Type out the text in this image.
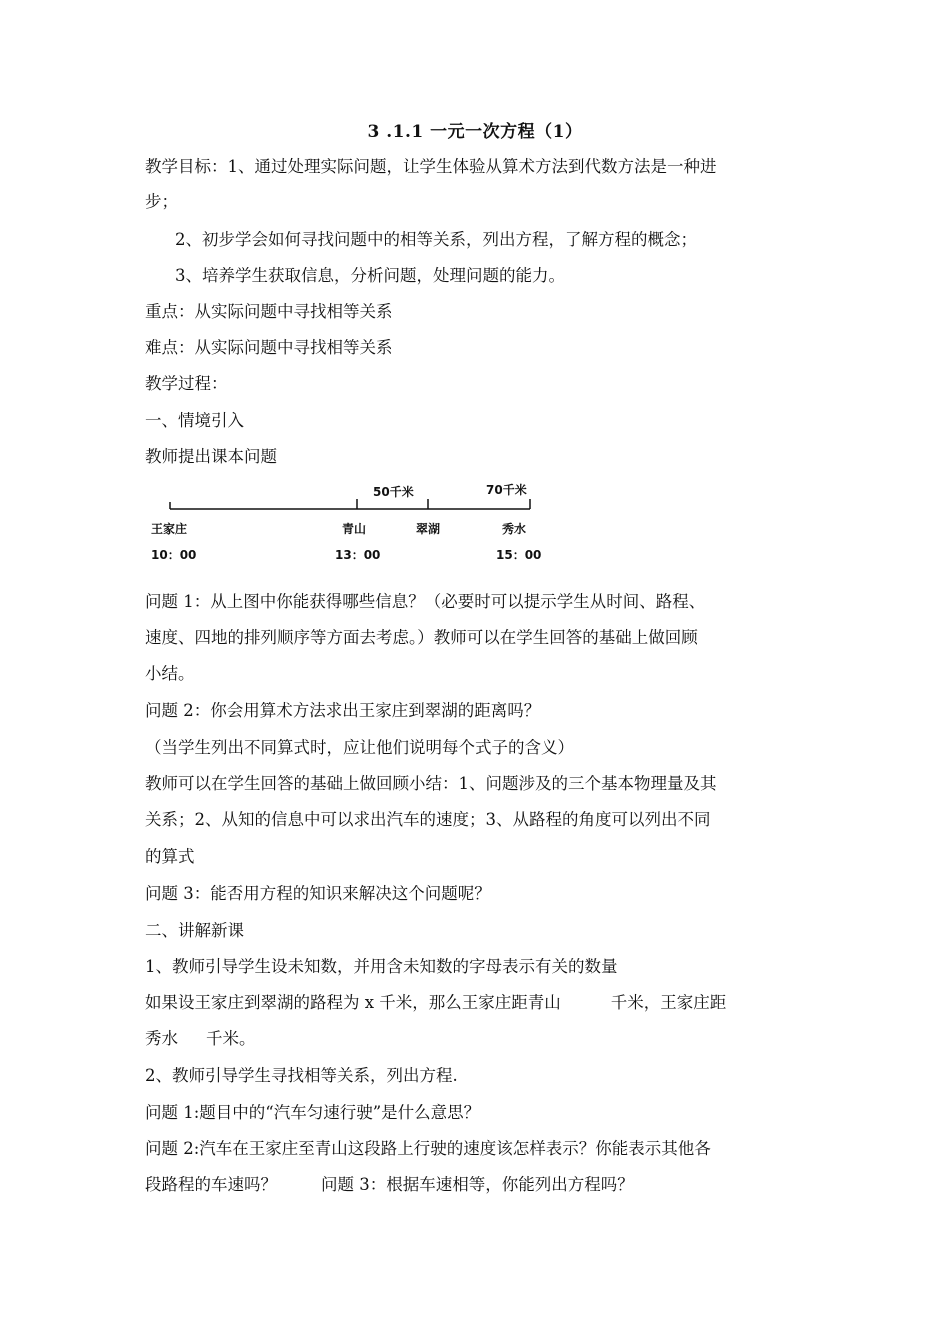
3 .1.1 一元一次方程（1）
教学目标：1、通过处理实际问题，让学生体验从算术方法到代数方法是一种进
步；
2、初步学会如何寻找问题中的相等关系，列出方程，了解方程的概念；
3、培养学生获取信息，分析问题，处理问题的能力。
重点：从实际问题中寻找相等关系
难点：从实际问题中寻找相等关系
教学过程：
一、情境引入
教师提出课本问题
50千米	70千米
王家庄	青山	翠湖	秀水
10：00	13：00	15：00
问题 1：从上图中你能获得哪些信息？（必要时可以提示学生从时间、路程、
速度、四地的排列顺序等方面去考虑。）教师可以在学生回答的基础上做回顾
小结。
问题 2：你会用算术方法求出王家庄到翠湖的距离吗？
（当学生列出不同算式时，应让他们说明每个式子的含义）
教师可以在学生回答的基础上做回顾小结：1、问题涉及的三个基本物理量及其
关系；2、从知的信息中可以求出汽车的速度；3、从路程的角度可以列出不同
的算式
问题 3：能否用方程的知识来解决这个问题呢？
二、讲解新课
1、教师引导学生设未知数，并用含未知数的字母表示有关的数量
如果设王家庄到翠湖的路程为 x 千米，那么王家庄距青山	千米，王家庄距
秀水 千米。
2、教师引导学生寻找相等关系，列出方程.
问题 1:题目中的“汽车匀速行驶”是什么意思？
问题 2:汽车在王家庄至青山这段路上行驶的速度该怎样表示？你能表示其他各
段路程的车速吗？	问题 3：根据车速相等，你能列出方程吗？
